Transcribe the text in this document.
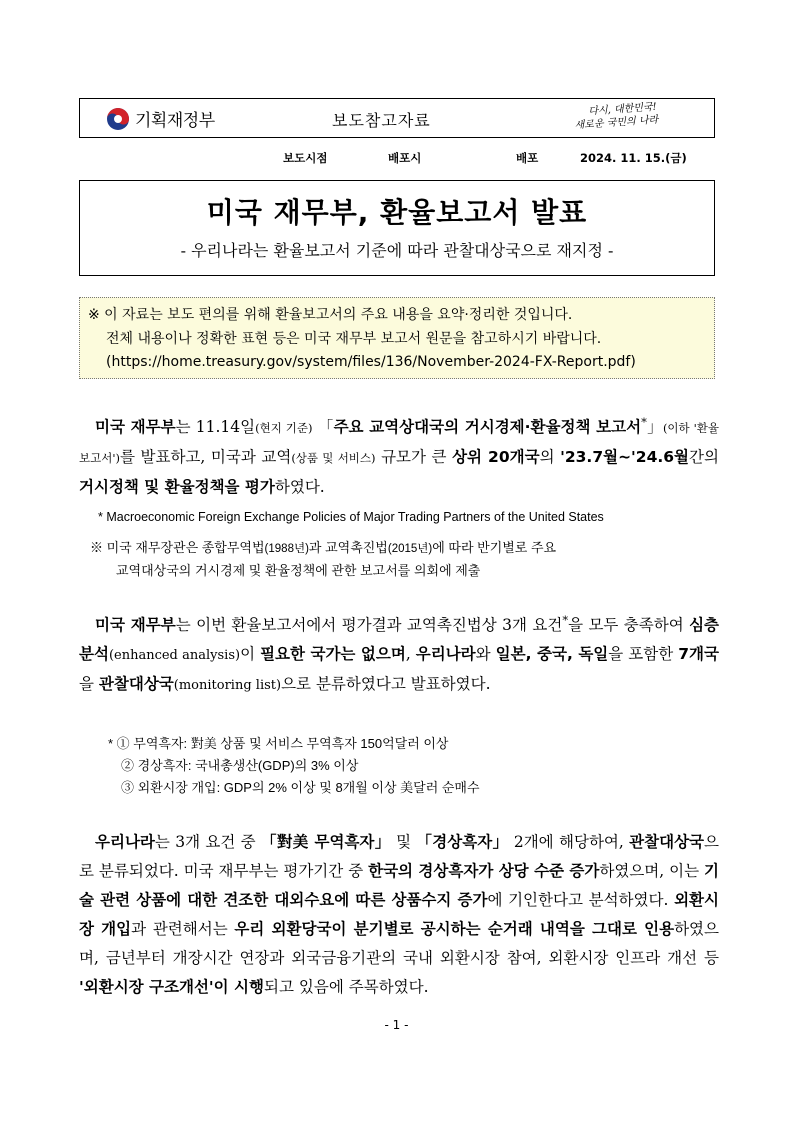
기획재정부	보도참고자료
다시, 대한민국!
새로운 국민의 나라
보도시점	배포시	배포	2024. 11. 15.(금)
미국 재무부, 환율보고서 발표
- 우리나라는 환율보고서 기준에 따라 관찰대상국으로 재지정 -
※ 이 자료는 보도 편의를 위해 환율보고서의 주요 내용을 요약·정리한 것입니다.
전체 내용이나 정확한 표현 등은 미국 재무부 보고서 원문을 참고하시기 바랍니다.
(https://home.treasury.gov/system/files/136/November-2024-FX-Report.pdf)
미국 재무부는 11.14일(현지 기준) 「주요 교역상대국의 거시경제·환율정책 보고서*」(이하 '환율보고서')를 발표하고, 미국과 교역(상품 및 서비스) 규모가 큰 상위 20개국의 '23.7월~'24.6월간의 거시정책 및 환율정책을 평가하였다.
* Macroeconomic Foreign Exchange Policies of Major Trading Partners of the United States
※ 미국 재무장관은 종합무역법(1988년)과 교역촉진법(2015년)에 따라 반기별로 주요
교역대상국의 거시경제 및 환율정책에 관한 보고서를 의회에 제출
미국 재무부는 이번 환율보고서에서 평가결과 교역촉진법상 3개 요건*을 모두 충족하여 심층분석(enhanced analysis)이 필요한 국가는 없으며, 우리나라와 일본, 중국, 독일을 포함한 7개국을 관찰대상국(monitoring list)으로 분류하였다고 발표하였다.
* ① 무역흑자: 對美 상품 및 서비스 무역흑자 150억달러 이상
② 경상흑자: 국내총생산(GDP)의 3% 이상
③ 외환시장 개입: GDP의 2% 이상 및 8개월 이상 美달러 순매수
우리나라는 3개 요건 중 「對美 무역흑자」 및 「경상흑자」 2개에 해당하여, 관찰대상국으로 분류되었다. 미국 재무부는 평가기간 중 한국의 경상흑자가 상당 수준 증가하였으며, 이는 기술 관련 상품에 대한 견조한 대외수요에 따른 상품수지 증가에 기인한다고 분석하였다. 외환시장 개입과 관련해서는 우리 외환당국이 분기별로 공시하는 순거래 내역을 그대로 인용하였으며, 금년부터 개장시간 연장과 외국금융기관의 국내 외환시장 참여, 외환시장 인프라 개선 등 '외환시장 구조개선'이 시행되고 있음에 주목하였다.
- 1 -
